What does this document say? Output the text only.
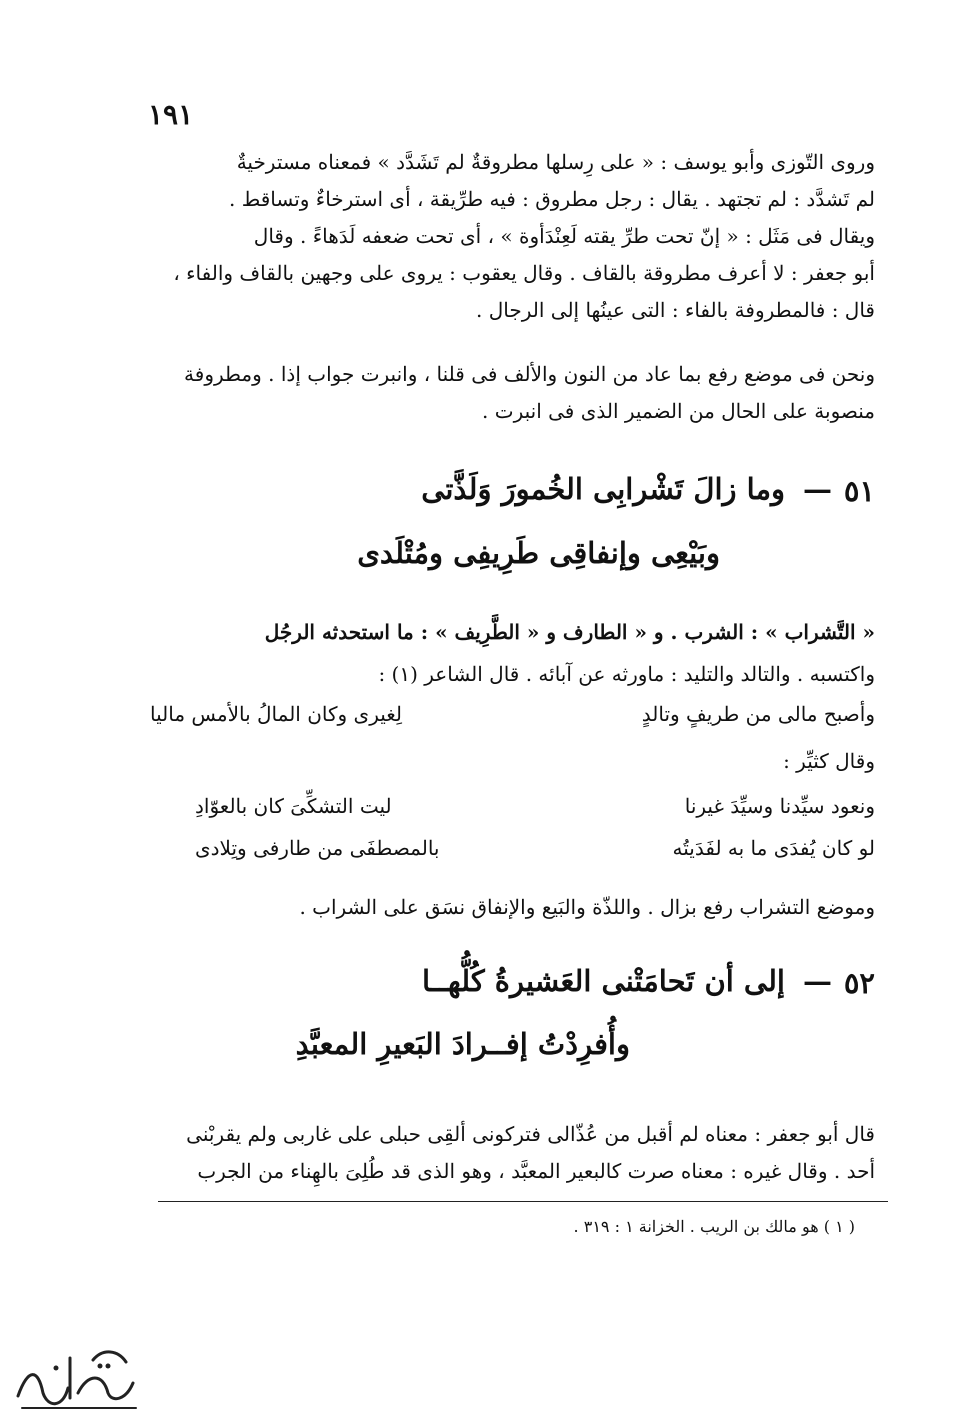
١٩١
وروى التّوزى وأبو يوسف : « على رِسلها مطروقةٌ لم تَشَدَّد » فمعناه مسترخيةٌ
لم تَشدَّد : لم تجتهد . يقال : رجل مطروق : فيه طرِّيقة ، أى استرخاءٌ وتساقط .
ويقال فى مَثَل : « إنّ تحت طرِّ يقته لَعِنْدَأوة » ، أى تحت ضعفه لَدَهاءً . وقال
أبو جعفر : لا أعرف مطروقة بالقاف . وقال يعقوب : يروى على وجهين بالقاف والفاء ،
قال : فالمطروفة بالفاء : التى عينُها إلى الرجال .
ونحن فى موضع رفع بما عاد من النون والألف فى قلنا ، وانبرت جواب إذا . ومطروفة
منصوبة على الحال من الضمير الذى فى انبرت .
٥١
—
وما زالَ تَشْرابِى الخُمورَ وَلَذَّتى
وبَيْعِى وإنفاقِى طَرِيفِى ومُتْلَدى
« التَّشراب » : الشرب . و « الطارف و « الطَّرِيف » : ما استحدثه الرجُل
واكتسبه . والتالد والتليد : ماورثه عن آبائه . قال الشاعر (١) :
وأصبح مالى من طريفٍ وتالدٍ
لِغيرى وكان المالُ بالأمس ماليا
وقال كثيِّر :
ونعود سيِّدنا وسيِّدَ غيرنا
ليت التشكِّىَ كان بالعوّادِ
لو كان يُفدَى ما به لفَدَيتُه
بالمصطفَى من طارفى وتِلادى
وموضع التشراب رفع بزال . واللذّة والبَيع والإنفاق نسَق على الشراب .
٥٢
—
إلى أن تَحامَتْنى العَشيرةُ كُلُّهــا
وأُفرِدْتُ إفــرادَ البَعيرِ المعبَّدِ
قال أبو جعفر : معناه لم أقبل من عُذّالى فتركونى ألقِى حبلى على غاربى ولم يقربْنى
أحد . وقال غيره : معناه صرت كالبعير المعبَّد ، وهو الذى قد طُلِىَ بالهِناء من الجرب
( ١ ) هو مالك بن الريب . الخزانة ١ : ٣١٩ .
